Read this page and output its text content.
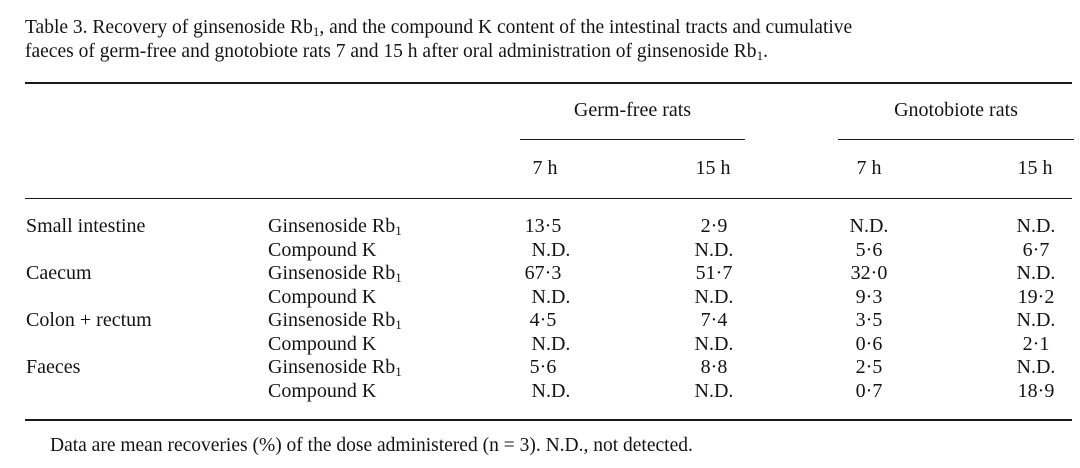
Table 3. Recovery of ginsenoside $Rb_1$, and the compound K content of the intestinal tracts and cumulative
faeces of germ-free and gnotobiote rats 7 and 15 h after oral administration of ginsenoside $Rb_1$.
Germ-free rats	Gnotobiote rats
7 h	15 h	7 h	15 h
Small intestine	Ginsenoside $Rb_1$	13·5	2·9	N.D.	N.D.
Compound K	N.D.	N.D.	5·6	6·7
Caecum	Ginsenoside $Rb_1$	67·3	51·7	32·0	N.D.
Compound K	N.D.	N.D.	9·3	19·2
Colon + rectum	Ginsenoside $Rb_1$	4·5	7·4	3·5	N.D.
Compound K	N.D.	N.D.	0·6	2·1
Faeces	Ginsenoside $Rb_1$	5·6	8·8	2·5	N.D.
Compound K	N.D.	N.D.	0·7	18·9
Data are mean recoveries (%) of the dose administered (n = 3). N.D., not detected.
